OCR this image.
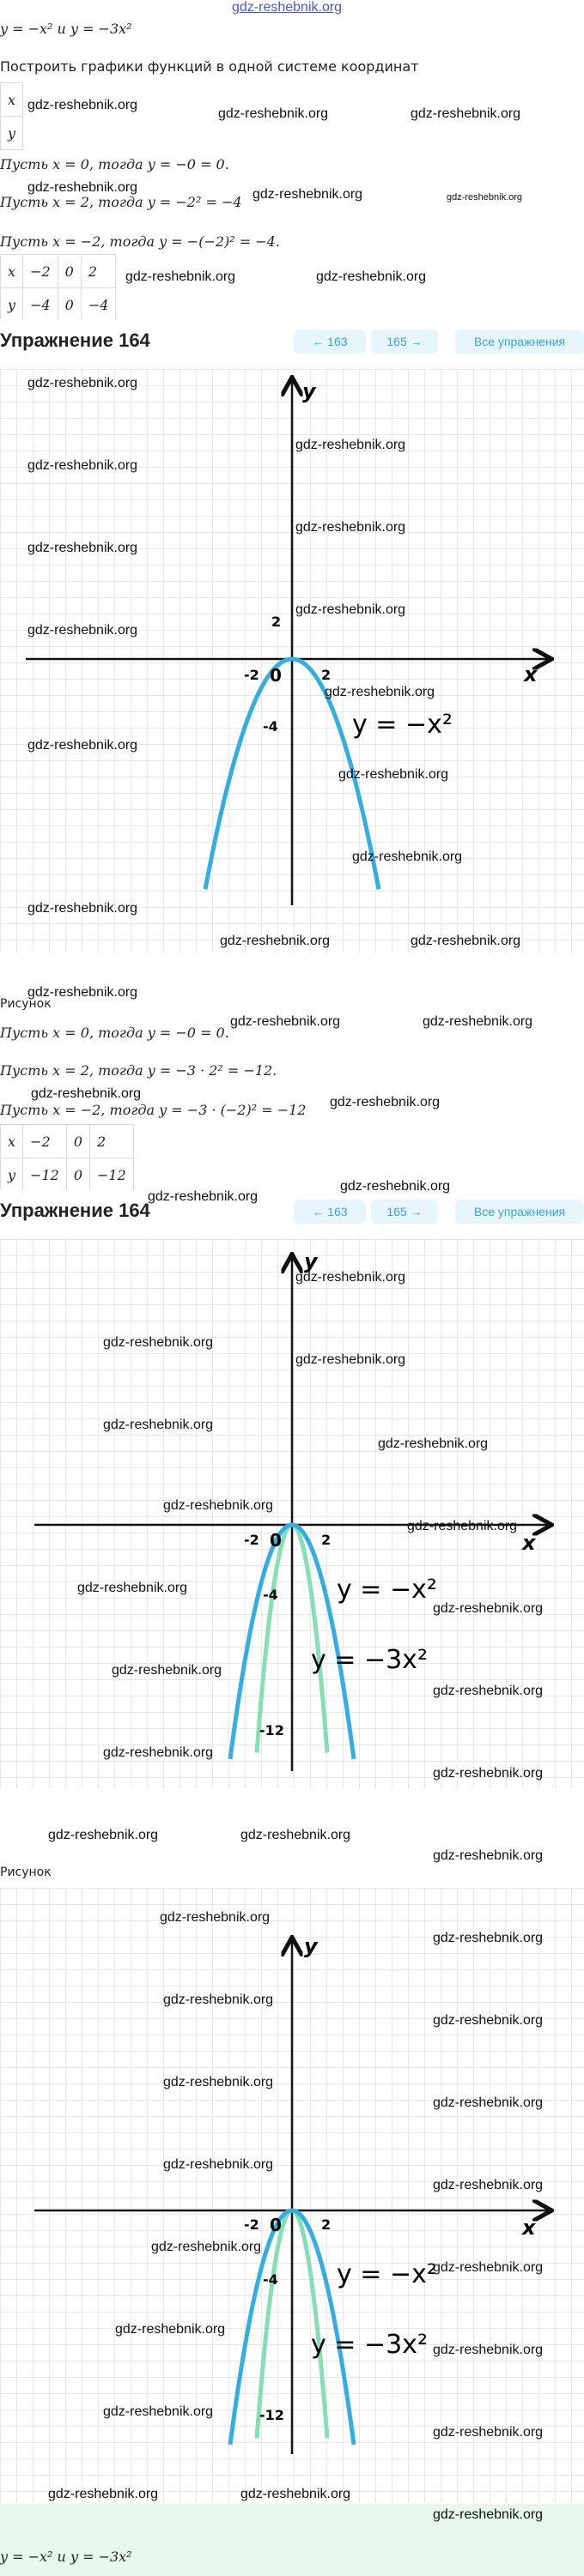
gdz-reshebnik.org
y = −x² и y = −3x²
Построить графики функций в одной системе координат
x	
y	
Пусть x = 0, тогда y = −0 = 0.
Пусть x = 2, тогда y = −2² = −4
Пусть x = −2, тогда y = −(−2)² = −4.
x	−2	0	2
y	−4	0	−4
Упражнение 164	← 163	165 →	Все упражнения
x
y
-2 0	2
2
-4	y = −x²
Рисунок
Пусть x = 0, тогда y = −0 = 0.
Пусть x = 2, тогда y = −3 · 2² = −12.
Пусть x = −2, тогда y = −3 · (−2)² = −12
x	−2	0	2
y	−12	0	−12
Упражнение 164	← 163	165 →	Все упражнения
x
y
-2 0	2
-4
-12
y = −x²
y = −3x²
Рисунок
x
y
-2 0	2
-4
-12
y = −x²
y = −3x²
y = −x² и y = −3x²
gdz-reshebnik.org
gdz-reshebnik.org	gdz-reshebnik.org
gdz-reshebnik.org	gdz-reshebnik.org	gdz-reshebnik.org
gdz-reshebnik.org	gdz-reshebnik.org
gdz-reshebnik.org
gdz-reshebnik.org
gdz-reshebnik.org
gdz-reshebnik.org
gdz-reshebnik.org
gdz-reshebnik.org
gdz-reshebnik.org
gdz-reshebnik.org
gdz-reshebnik.org
gdz-reshebnik.org
gdz-reshebnik.org
gdz-reshebnik.org
gdz-reshebnik.org	gdz-reshebnik.org
gdz-reshebnik.org
gdz-reshebnik.org	gdz-reshebnik.org
gdz-reshebnik.org
gdz-reshebnik.org
gdz-reshebnik.org
gdz-reshebnik.org
gdz-reshebnik.org
gdz-reshebnik.org
gdz-reshebnik.org
gdz-reshebnik.org
gdz-reshebnik.org
gdz-reshebnik.org
gdz-reshebnik.org
gdz-reshebnik.org
gdz-reshebnik.org
gdz-reshebnik.org
gdz-reshebnik.org
gdz-reshebnik.org
gdz-reshebnik.org
gdz-reshebnik.org	gdz-reshebnik.org
gdz-reshebnik.org
gdz-reshebnik.org
gdz-reshebnik.org
gdz-reshebnik.org
gdz-reshebnik.org
gdz-reshebnik.org
gdz-reshebnik.org
gdz-reshebnik.org
gdz-reshebnik.org
gdz-reshebnik.org
gdz-reshebnik.org
gdz-reshebnik.org
gdz-reshebnik.org
gdz-reshebnik.org
gdz-reshebnik.org
gdz-reshebnik.org	gdz-reshebnik.org
gdz-reshebnik.org
